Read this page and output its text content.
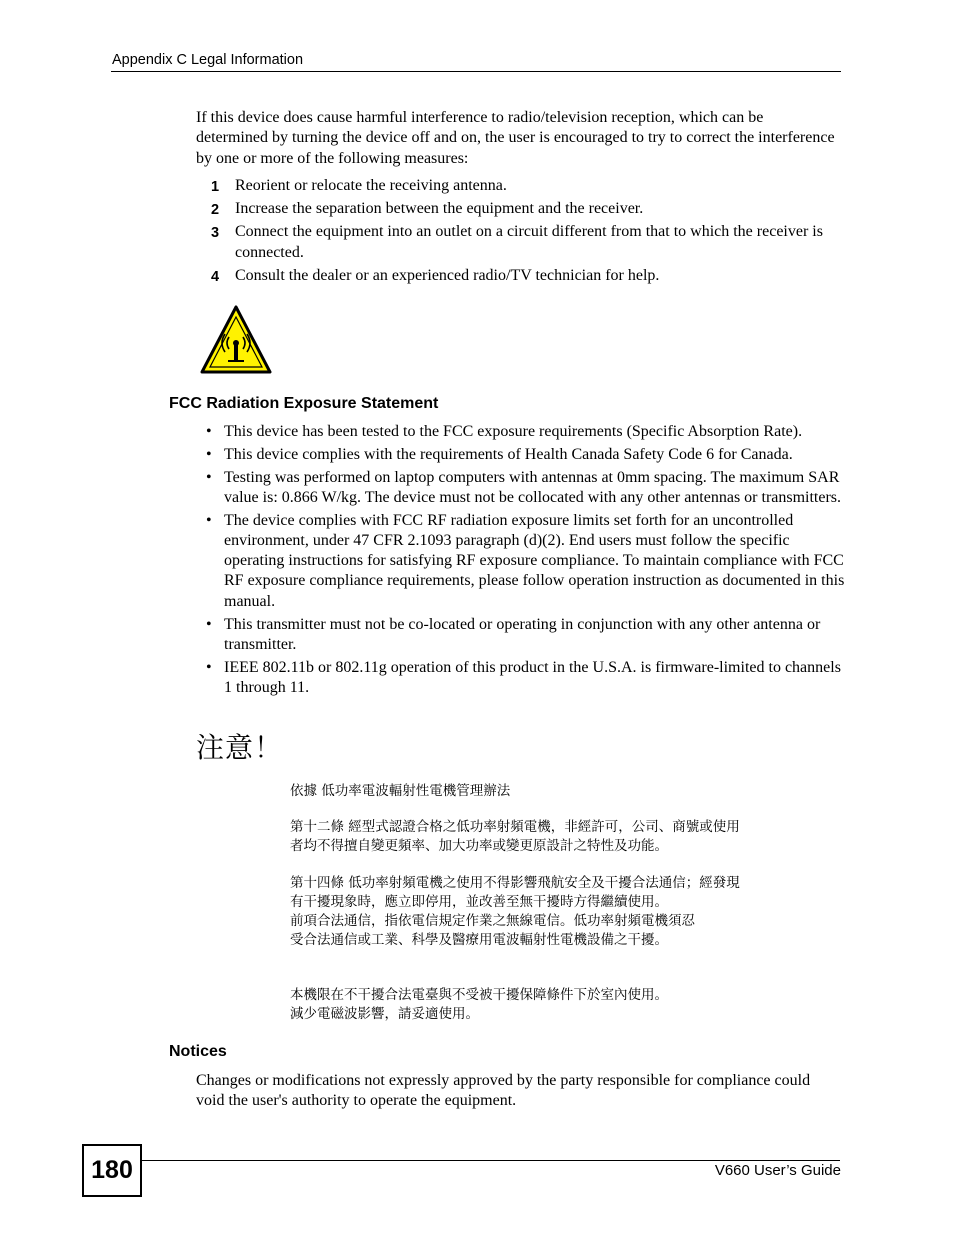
Appendix C Legal Information
If this device does cause harmful interference to radio/television reception, which can be determined by turning the device off and on, the user is encouraged to try to correct the interference by one or more of the following measures:
1 Reorient or relocate the receiving antenna.
2 Increase the separation between the equipment and the receiver.
3 Connect the equipment into an outlet on a circuit different from that to which the receiver is connected.
4 Consult the dealer or an experienced radio/TV technician for help.
FCC Radiation Exposure Statement
• This device has been tested to the FCC exposure requirements (Specific Absorption Rate).
• This device complies with the requirements of Health Canada Safety Code 6 for Canada.
• Testing was performed on laptop computers with antennas at 0mm spacing. The maximum SAR value is: 0.866 W/kg. The device must not be collocated with any other antennas or transmitters.
• The device complies with FCC RF radiation exposure limits set forth for an uncontrolled environment, under 47 CFR 2.1093 paragraph (d)(2). End users must follow the specific operating instructions for satisfying RF exposure compliance. To maintain compliance with FCC RF exposure compliance requirements, please follow operation instruction as documented in this manual.
• This transmitter must not be co-located or operating in conjunction with any other antenna or transmitter.
• IEEE 802.11b or 802.11g operation of this product in the U.S.A. is firmware-limited to channels 1 through 11.
注意！
依據 低功率電波輻射性電機管理辦法
第十二條 經型式認證合格之低功率射頻電機，非經許可，公司、商號或使用
者均不得擅自變更頻率、加大功率或變更原設計之特性及功能。
第十四條 低功率射頻電機之使用不得影響飛航安全及干擾合法通信；經發現
有干擾現象時，應立即停用，並改善至無干擾時方得繼續使用。
前項合法通信，指依電信規定作業之無線電信。低功率射頻電機須忍
受合法通信或工業、科學及醫療用電波輻射性電機設備之干擾。
本機限在不干擾合法電臺與不受被干擾保障條件下於室內使用。
減少電磁波影響，請妥適使用。
Notices
Changes or modifications not expressly approved by the party responsible for compliance could void the user's authority to operate the equipment.
180	V660 User’s Guide
